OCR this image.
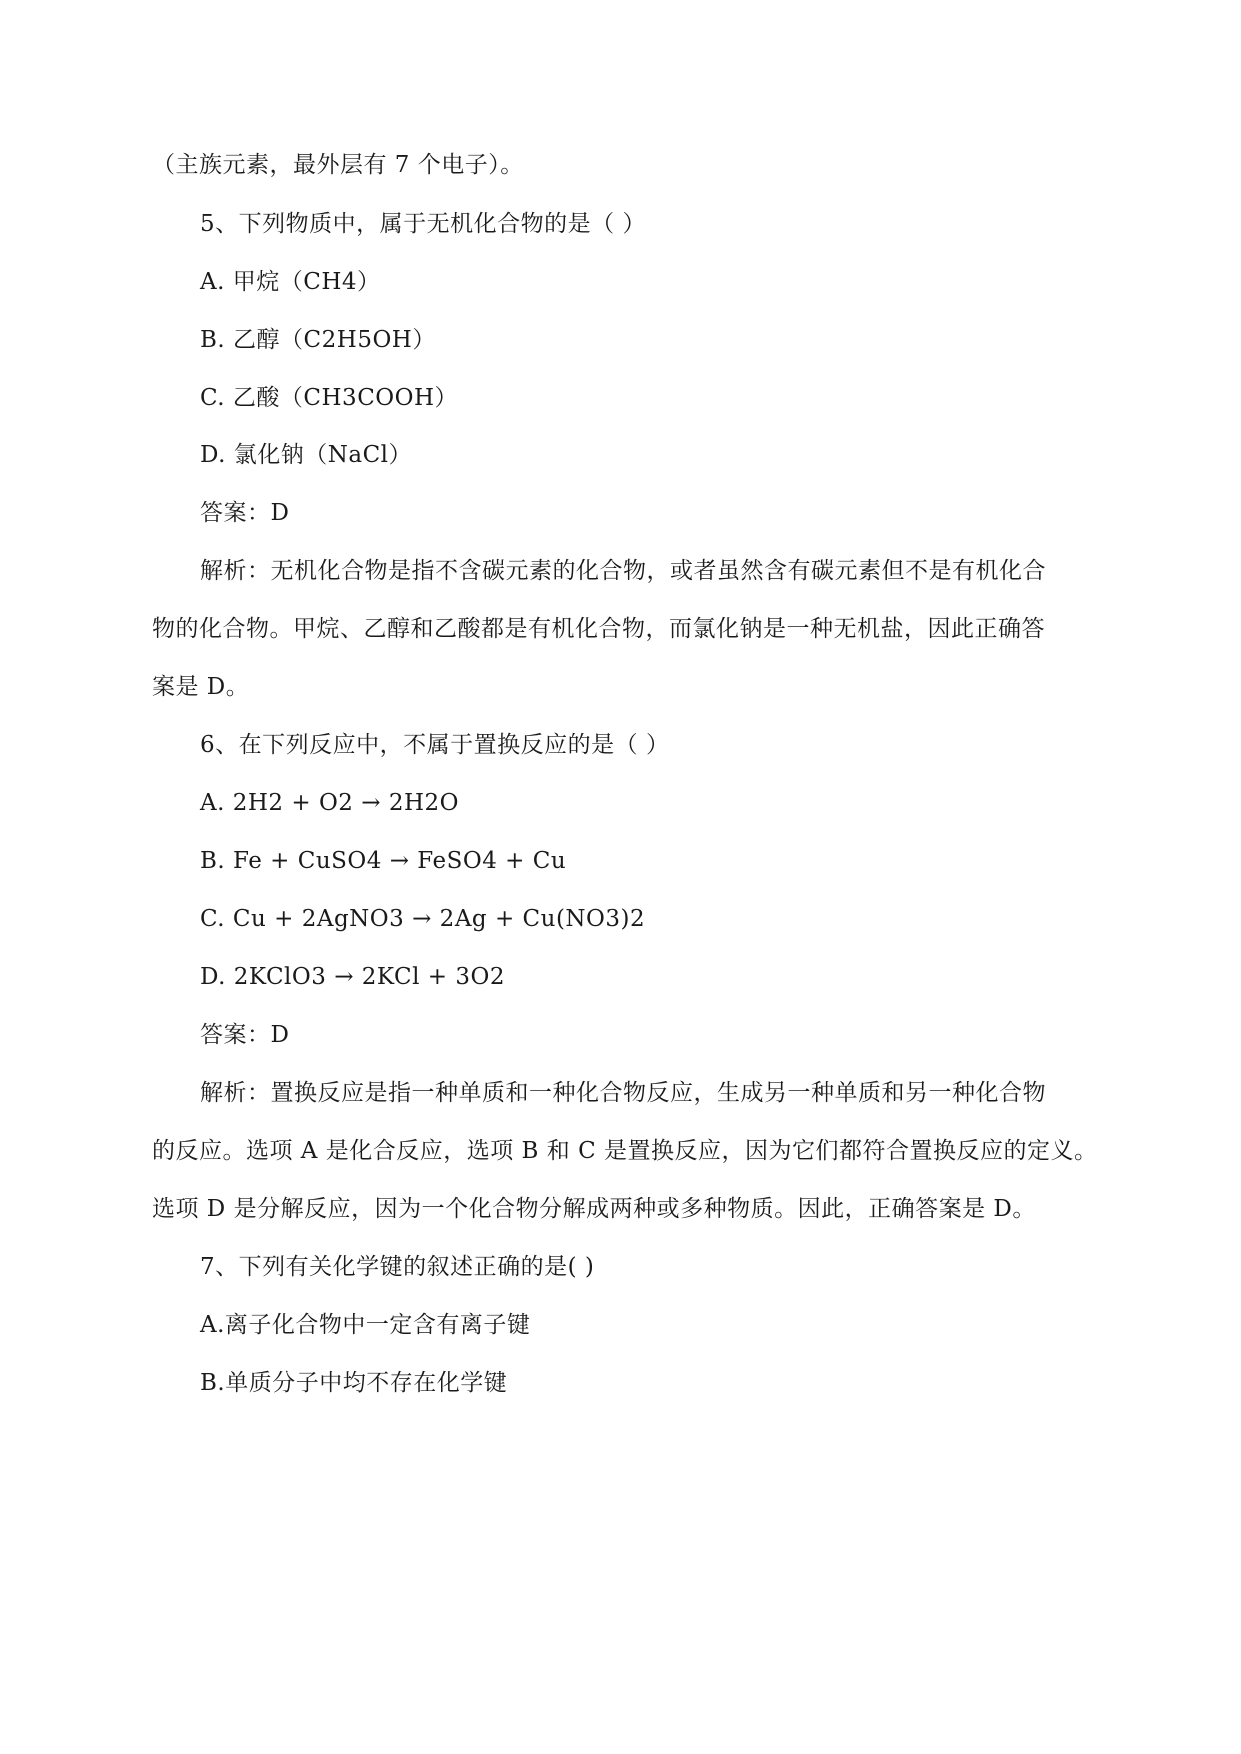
（主族元素，最外层有 7 个电子）。
5、下列物质中，属于无机化合物的是（ ）
A. 甲烷（CH4）
B. 乙醇（C2H5OH）
C. 乙酸（CH3COOH）
D. 氯化钠（NaCl）
答案：D
解析：无机化合物是指不含碳元素的化合物，或者虽然含有碳元素但不是有机化合
物的化合物。甲烷、乙醇和乙酸都是有机化合物，而氯化钠是一种无机盐，因此正确答
案是 D。
6、在下列反应中，不属于置换反应的是（ ）
A. 2H2 + O2 → 2H2O
B. Fe + CuSO4 → FeSO4 + Cu
C. Cu + 2AgNO3 → 2Ag + Cu(NO3)2
D. 2KClO3 → 2KCl + 3O2
答案：D
解析：置换反应是指一种单质和一种化合物反应，生成另一种单质和另一种化合物
的反应。选项 A 是化合反应，选项 B 和 C 是置换反应，因为它们都符合置换反应的定义。
选项 D 是分解反应，因为一个化合物分解成两种或多种物质。因此，正确答案是 D。
7、下列有关化学键的叙述正确的是( )
A.离子化合物中一定含有离子键
B.单质分子中均不存在化学键
